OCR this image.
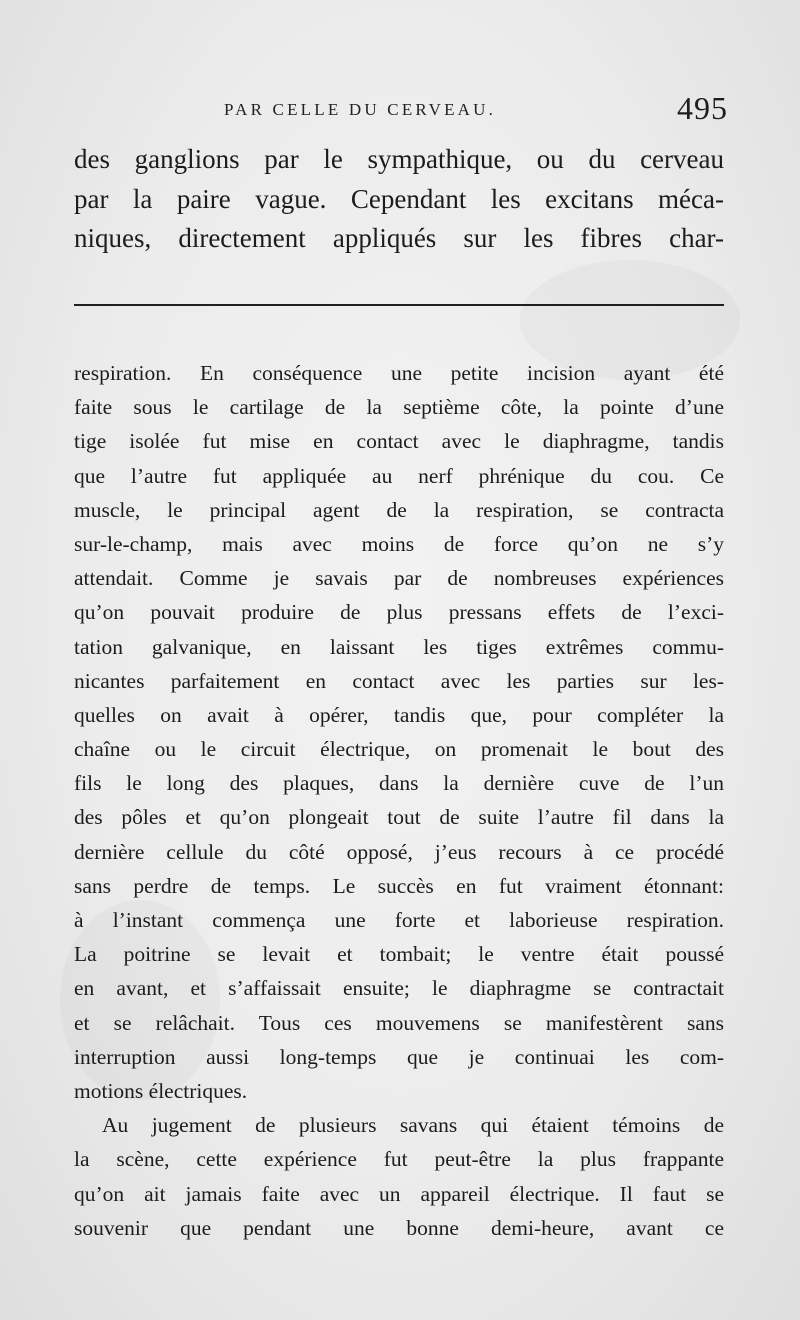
PAR CELLE DU CERVEAU.	495
des ganglions par le sympathique, ou du cerveau
par la paire vague. Cependant les excitans méca-
niques, directement appliqués sur les fibres char-
respiration. En conséquence une petite incision ayant été
faite sous le cartilage de la septième côte, la pointe d’une
tige isolée fut mise en contact avec le diaphragme, tandis
que l’autre fut appliquée au nerf phrénique du cou. Ce
muscle, le principal agent de la respiration, se contracta
sur-le-champ, mais avec moins de force qu’on ne s’y
attendait. Comme je savais par de nombreuses expériences
qu’on pouvait produire de plus pressans effets de l’exci-
tation galvanique, en laissant les tiges extrêmes commu-
nicantes parfaitement en contact avec les parties sur les-
quelles on avait à opérer, tandis que, pour compléter la
chaîne ou le circuit électrique, on promenait le bout des
fils le long des plaques, dans la dernière cuve de l’un
des pôles et qu’on plongeait tout de suite l’autre fil dans la
dernière cellule du côté opposé, j’eus recours à ce procédé
sans perdre de temps. Le succès en fut vraiment étonnant:
à l’instant commença une forte et laborieuse respiration.
La poitrine se levait et tombait; le ventre était poussé
en avant, et s’affaissait ensuite; le diaphragme se contractait
et se relâchait. Tous ces mouvemens se manifestèrent sans
interruption aussi long-temps que je continuai les com-
motions électriques.
Au jugement de plusieurs savans qui étaient témoins de
la scène, cette expérience fut peut-être la plus frappante
qu’on ait jamais faite avec un appareil électrique. Il faut se
souvenir que pendant une bonne demi-heure, avant ce
